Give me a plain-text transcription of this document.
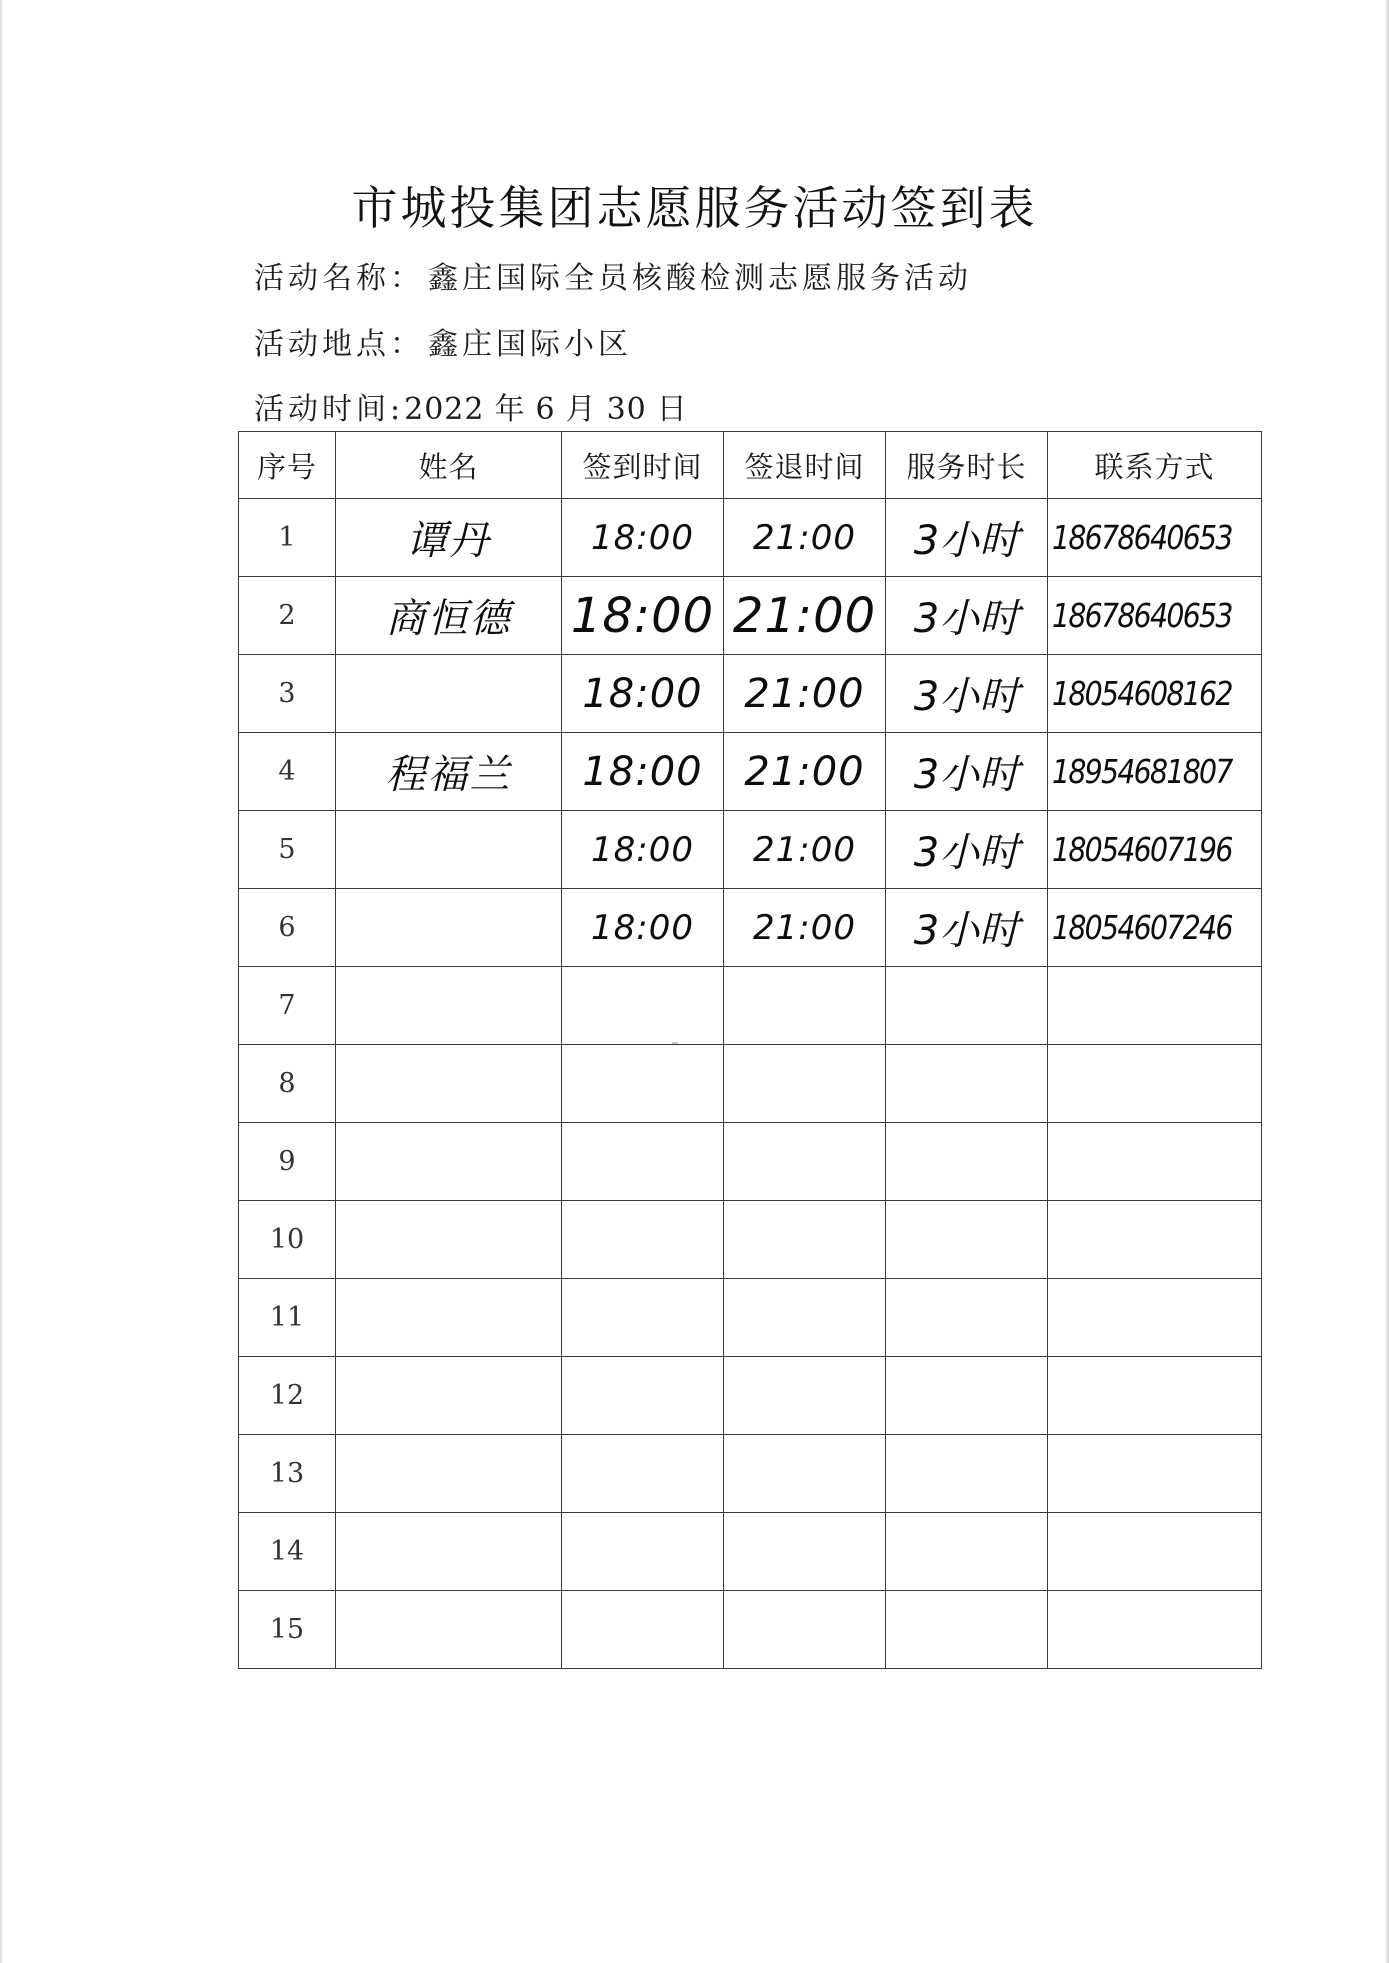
市城投集团志愿服务活动签到表
活动名称： 鑫庄国际全员核酸检测志愿服务活动
活动地点： 鑫庄国际小区
活动时间:2022 年 6 月 30 日
序号	姓名	签到时间	签退时间	服务时长	联系方式
1	谭丹	18:00	21:00	3小时	18678640653
2	商恒德	18:00	21:00	3小时	18678640653
3		18:00	21:00	3小时	18054608162
4	程福兰	18:00	21:00	3小时	18954681807
5		18:00	21:00	3小时	18054607196
6		18:00	21:00	3小时	18054607246
7					
8					
9					
10					
11					
12					
13					
14					
15					
